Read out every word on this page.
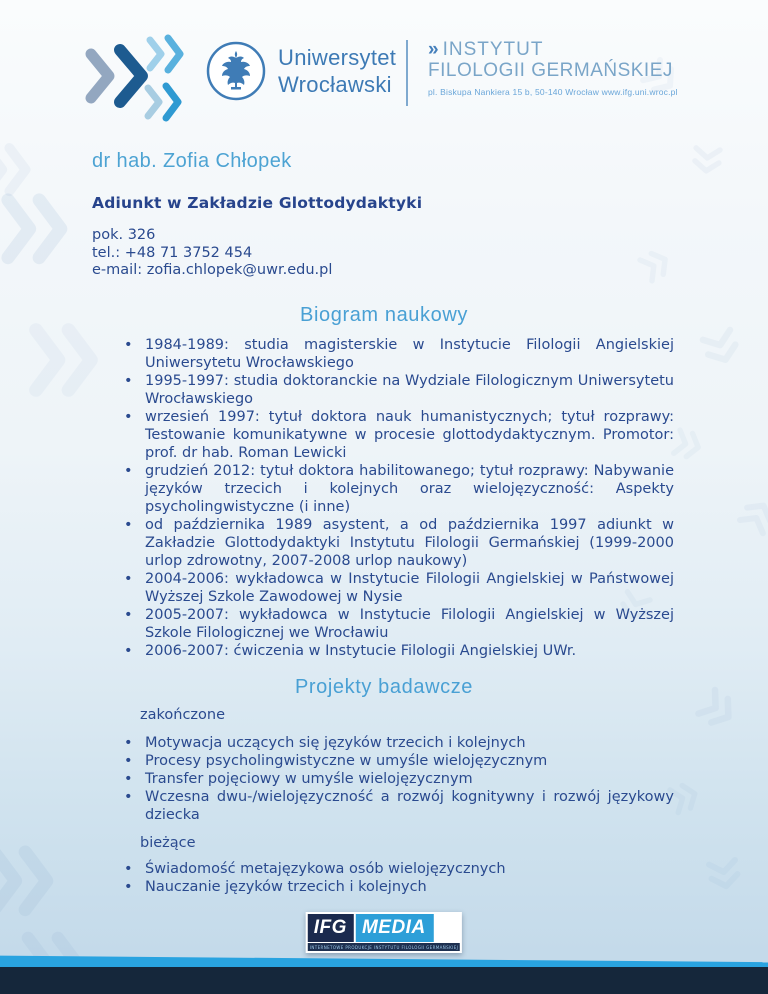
Uniwersytet
Wrocławski
» INSTYTUT
FILOLOGII GERMAŃSKIEJ
pl. Biskupa Nankiera 15 b, 50-140 Wrocław www.ifg.uni.wroc.pl
dr hab. Zofia Chłopek
Adiunkt w Zakładzie Glottodydaktyki
pok. 326
tel.: +48 71 3752 454
e-mail: zofia.chlopek@uwr.edu.pl
Biogram naukowy
• 1984-1989: studia magisterskie w Instytucie Filologii Angielskiej Uniwersytetu Wrocławskiego
• 1995-1997: studia doktoranckie na Wydziale Filologicznym Uniwersytetu Wrocławskiego
• wrzesień 1997: tytuł doktora nauk humanistycznych; tytuł rozprawy: Testowanie komunikatywne w procesie glottodydaktycznym. Promotor: prof. dr hab. Roman Lewicki
• grudzień 2012: tytuł doktora habilitowanego; tytuł rozprawy: Nabywanie języków trzecich i kolejnych oraz wielojęzyczność: Aspekty psycholingwistyczne (i inne)
• od października 1989 asystent, a od października 1997 adiunkt w Zakładzie Glottodydaktyki Instytutu Filologii Germańskiej (1999-2000 urlop zdrowotny, 2007-2008 urlop naukowy)
• 2004-2006: wykładowca w Instytucie Filologii Angielskiej w Państwowej Wyższej Szkole Zawodowej w Nysie
• 2005-2007: wykładowca w Instytucie Filologii Angielskiej w Wyższej Szkole Filologicznej we Wrocławiu
• 2006-2007: ćwiczenia w Instytucie Filologii Angielskiej UWr.
Projekty badawcze
zakończone
• Motywacja uczących się języków trzecich i kolejnych
• Procesy psycholingwistyczne w umyśle wielojęzycznym
• Transfer pojęciowy w umyśle wielojęzycznym
• Wczesna dwu-/wielojęzyczność a rozwój kognitywny i rozwój językowy dziecka
bieżące
• Świadomość metajęzykowa osób wielojęzycznych
• Nauczanie języków trzecich i kolejnych
IFG MEDIA
INTERNETOWE PRODUKCJE INSTYTUTU FILOLOGII GERMAŃSKIEJ
